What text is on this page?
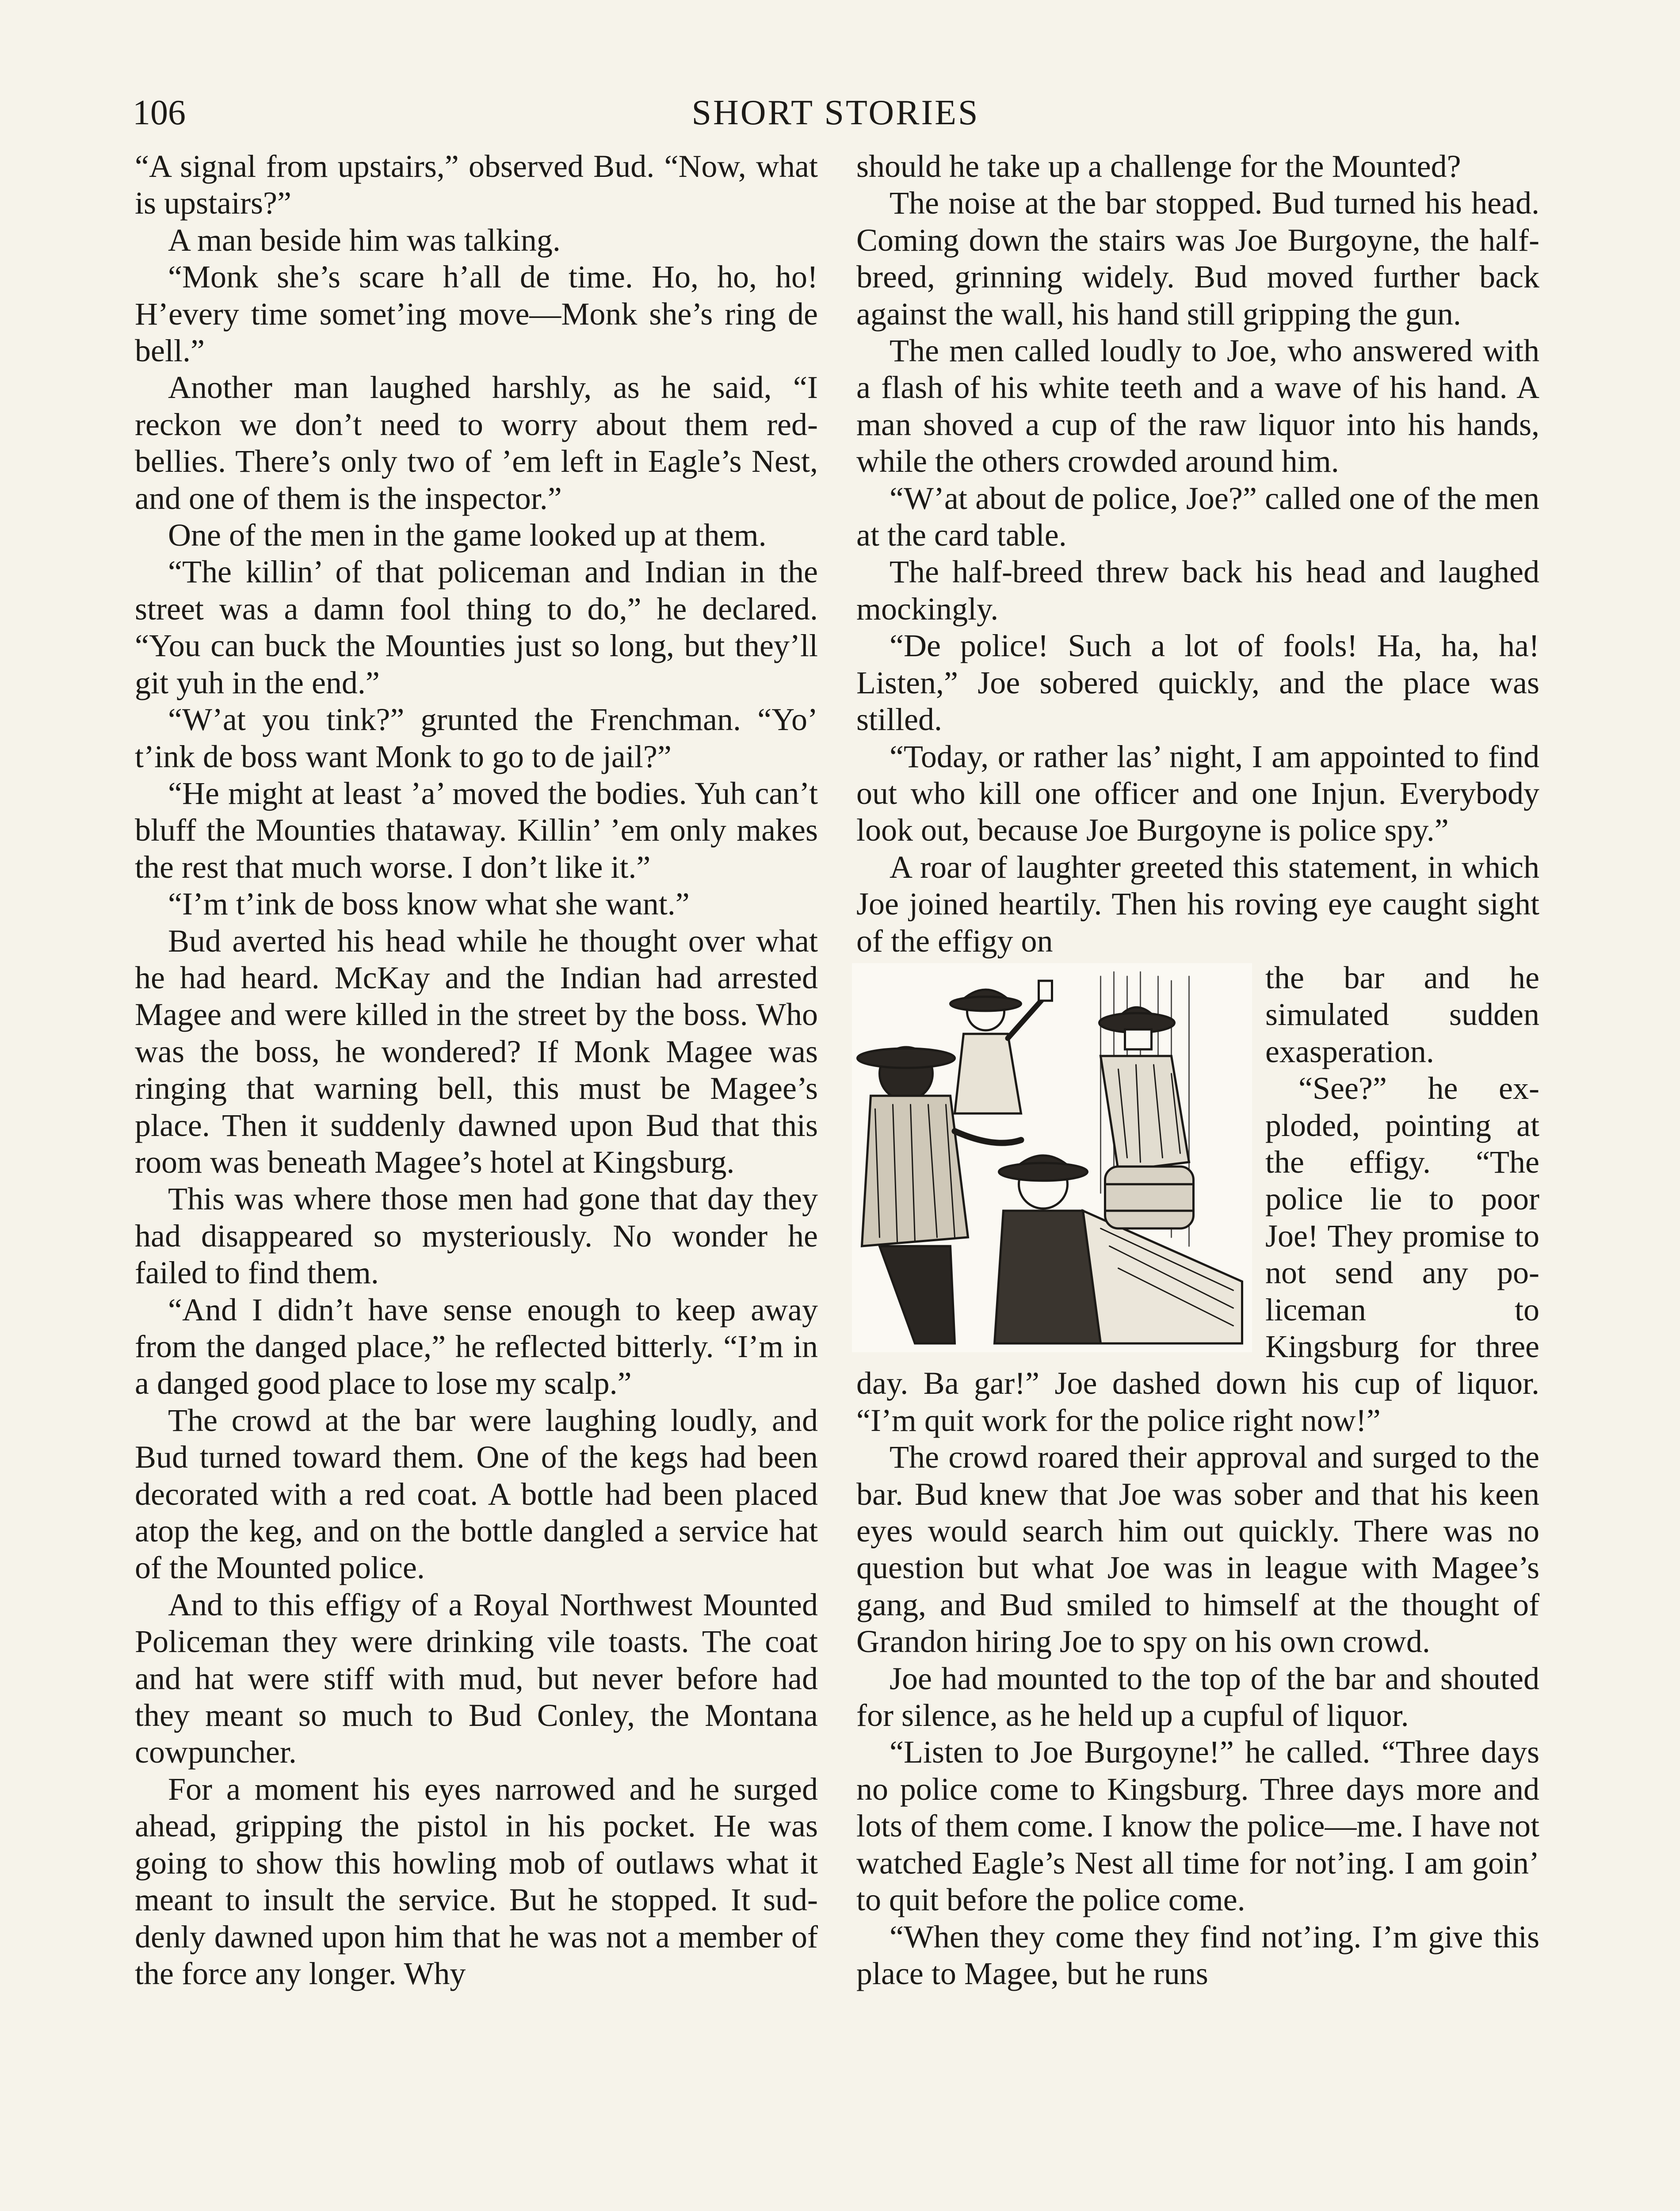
106	SHORT STORIES

“A signal from upstairs,” observed Bud. “Now, what is upstairs?”

A man beside him was talking.

“Monk she’s scare h’all de time. Ho, ho, ho! H’every time somet’ing move—Monk she’s ring de bell.”

Another man laughed harshly, as he said, “I reckon we don’t need to worry about them red-bellies. There’s only two of ’em left in Eagle’s Nest, and one of them is the inspector.”

One of the men in the game looked up at them.

“The killin’ of that policeman and Indian in the street was a damn fool thing to do,” he declared. “You can buck the Mounties just so long, but they’ll git yuh in the end.”

“W’at you tink?” grunted the Frenchman. “Yo’ t’ink de boss want Monk to go to de jail?”

“He might at least ’a’ moved the bodies. Yuh can’t bluff the Mounties thataway. Killin’ ’em only makes the rest that much worse. I don’t like it.”

“I’m t’ink de boss know what she want.”

Bud averted his head while he thought over what he had heard. McKay and the Indian had arrested Magee and were killed in the street by the boss. Who was the boss, he wondered? If Monk Magee was ringing that warning bell, this must be Magee’s place. Then it suddenly dawned upon Bud that this room was beneath Magee’s hotel at Kingsburg.

This was where those men had gone that day they had disappeared so mysteriously. No wonder he failed to find them.

“And I didn’t have sense enough to keep away from the danged place,” he reflected bitterly. “I’m in a danged good place to lose my scalp.”

The crowd at the bar were laughing loudly, and Bud turned toward them. One of the kegs had been decorated with a red coat. A bottle had been placed atop the keg, and on the bottle dangled a service hat of the Mounted police.

And to this effigy of a Royal Northwest Mounted Policeman they were drinking vile toasts. The coat and hat were stiff with mud, but never before had they meant so much to Bud Conley, the Montana cowpuncher.

For a moment his eyes narrowed and he surged ahead, gripping the pistol in his pocket. He was going to show this howling mob of outlaws what it meant to insult the service. But he stopped. It suddenly dawned upon him that he was not a member of the force any longer. Why

should he take up a challenge for the Mounted?

The noise at the bar stopped. Bud turned his head. Coming down the stairs was Joe Burgoyne, the half-breed, grinning widely. Bud moved further back against the wall, his hand still gripping the gun.

The men called loudly to Joe, who answered with a flash of his white teeth and a wave of his hand. A man shoved a cup of the raw liquor into his hands, while the others crowded around him.

“W’at about de police, Joe?” called one of the men at the card table.

The half-breed threw back his head and laughed mockingly.

“De police! Such a lot of fools! Ha, ha, ha! Listen,” Joe sobered quickly, and the place was stilled.

“Today, or rather las’ night, I am appointed to find out who kill one officer and one Injun. Everybody look out, because Joe Burgoyne is police spy.”

A roar of laughter greeted this statement, in which Joe joined heartily. Then his roving eye caught sight of the effigy on

the bar and he simulated sudden exasperation.

“See?” he exploded, pointing at the effigy. “The police lie to poor Joe! They promise to not send any policeman to Kingsburg for three day. Ba gar!” Joe dashed down his cup of liquor. “I’m quit work for the police right now!”

The crowd roared their approval and surged to the bar. Bud knew that Joe was sober and that his keen eyes would search him out quickly. There was no question but what Joe was in league with Magee’s gang, and Bud smiled to himself at the thought of Grandon hiring Joe to spy on his own crowd.

Joe had mounted to the top of the bar and shouted for silence, as he held up a cupful of liquor.

“Listen to Joe Burgoyne!” he called. “Three days no police come to Kingsburg. Three days more and lots of them come. I know the police—me. I have not watched Eagle’s Nest all time for not’ing. I am goin’ to quit before the police come.

“When they come they find not’ing. I’m give this place to Magee, but he runs
